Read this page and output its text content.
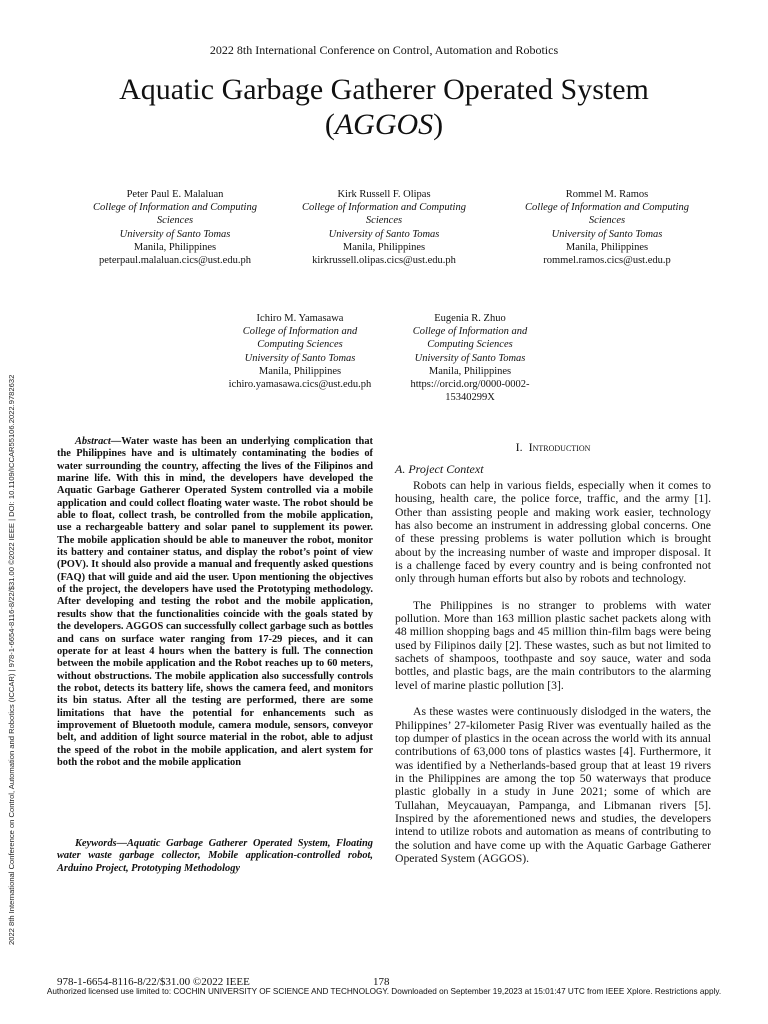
2022 8th International Conference on Control, Automation and Robotics
Aquatic Garbage Gatherer Operated System
(AGGOS)
Peter Paul E. Malaluan
College of Information and Computing
Sciences
University of Santo Tomas
Manila, Philippines
peterpaul.malaluan.cics@ust.edu.ph
Kirk Russell F. Olipas
College of Information and Computing
Sciences
University of Santo Tomas
Manila, Philippines
kirkrussell.olipas.cics@ust.edu.ph
Rommel M. Ramos
College of Information and Computing
Sciences
University of Santo Tomas
Manila, Philippines
rommel.ramos.cics@ust.edu.p
Ichiro M. Yamasawa
College of Information and
Computing Sciences
University of Santo Tomas
Manila, Philippines
ichiro.yamasawa.cics@ust.edu.ph
Eugenia R. Zhuo
College of Information and
Computing Sciences
University of Santo Tomas
Manila, Philippines
https://orcid.org/0000-0002-
15340299X
2022 8th International Conference on Control, Automation and Robotics (ICCAR) | 978-1-6654-8116-8/22/$31.00 ©2022 IEEE | DOI: 10.1109/ICCAR55106.2022.9782632	Abstract—Water waste has been an underlying complication that the Philippines have and is ultimately contaminating the bodies of water surrounding the country, affecting the lives of the Filipinos and marine life. With this in mind, the developers have developed the Aquatic Garbage Gatherer Operated System controlled via a mobile application and could collect floating water waste. The robot should be able to float, collect trash, be controlled from the mobile application, use a rechargeable battery and solar panel to supplement its power. The mobile application should be able to maneuver the robot, monitor its battery and container status, and display the robot’s point of view (POV). It should also provide a manual and frequently asked questions (FAQ) that will guide and aid the user. Upon mentioning the objectives of the project, the developers have used the Prototyping methodology. After developing and testing the robot and the mobile application, results show that the functionalities coincide with the goals stated by the developers. AGGOS can successfully collect garbage such as bottles and cans on surface water ranging from 17-29 pieces, and it can operate for at least 4 hours when the battery is full. The connection between the mobile application and the Robot reaches up to 60 meters, without obstructions. The mobile application also successfully controls the robot, detects its battery life, shows the camera feed, and monitors its bin status. After all the testing are performed, there are some limitations that have the potential for enhancements such as improvement of Bluetooth module, camera module, sensors, conveyor belt, and addition of light source material in the robot, able to adjust the speed of the robot in the mobile application, and alert system for both the robot and the mobile application
Keywords—Aquatic Garbage Gatherer Operated System, Floating water waste garbage collector, Mobile application-controlled robot, Arduino Project, Prototyping Methodology
I. Introduction
A. Project Context

Robots can help in various fields, especially when it comes to housing, health care, the police force, traffic, and the army [1]. Other than assisting people and making work easier, technology has also become an instrument in addressing global concerns. One of these pressing problems is water pollution which is brought about by the increasing number of waste and improper disposal. It is a challenge faced by every country and is being confronted not only through human efforts but also by robots and technology.

The Philippines is no stranger to problems with water pollution. More than 163 million plastic sachet packets along with 48 million shopping bags and 45 million thin-film bags were being used by Filipinos daily [2]. These wastes, such as but not limited to sachets of shampoos, toothpaste and soy sauce, water and soda bottles, and plastic bags, are the main contributors to the alarming level of marine plastic pollution [3].

As these wastes were continuously dislodged in the waters, the Philippines’ 27-kilometer Pasig River was eventually hailed as the top dumper of plastics in the ocean across the world with its annual contributions of 63,000 tons of plastics wastes [4]. Furthermore, it was identified by a Netherlands-based group that at least 19 rivers in the Philippines are among the top 50 waterways that produce plastic globally in a study in June 2021; some of which are Tullahan, Meycauayan, Pampanga, and Libmanan rivers [5]. Inspired by the aforementioned news and studies, the developers intend to utilize robots and automation as means of contributing to the solution and have come up with the Aquatic Garbage Gatherer Operated System (AGGOS).

978-1-6654-8116-8/22/$31.00 ©2022 IEEE	178
Authorized licensed use limited to: COCHIN UNIVERSITY OF SCIENCE AND TECHNOLOGY. Downloaded on September 19,2023 at 15:01:47 UTC from IEEE Xplore. Restrictions apply.
